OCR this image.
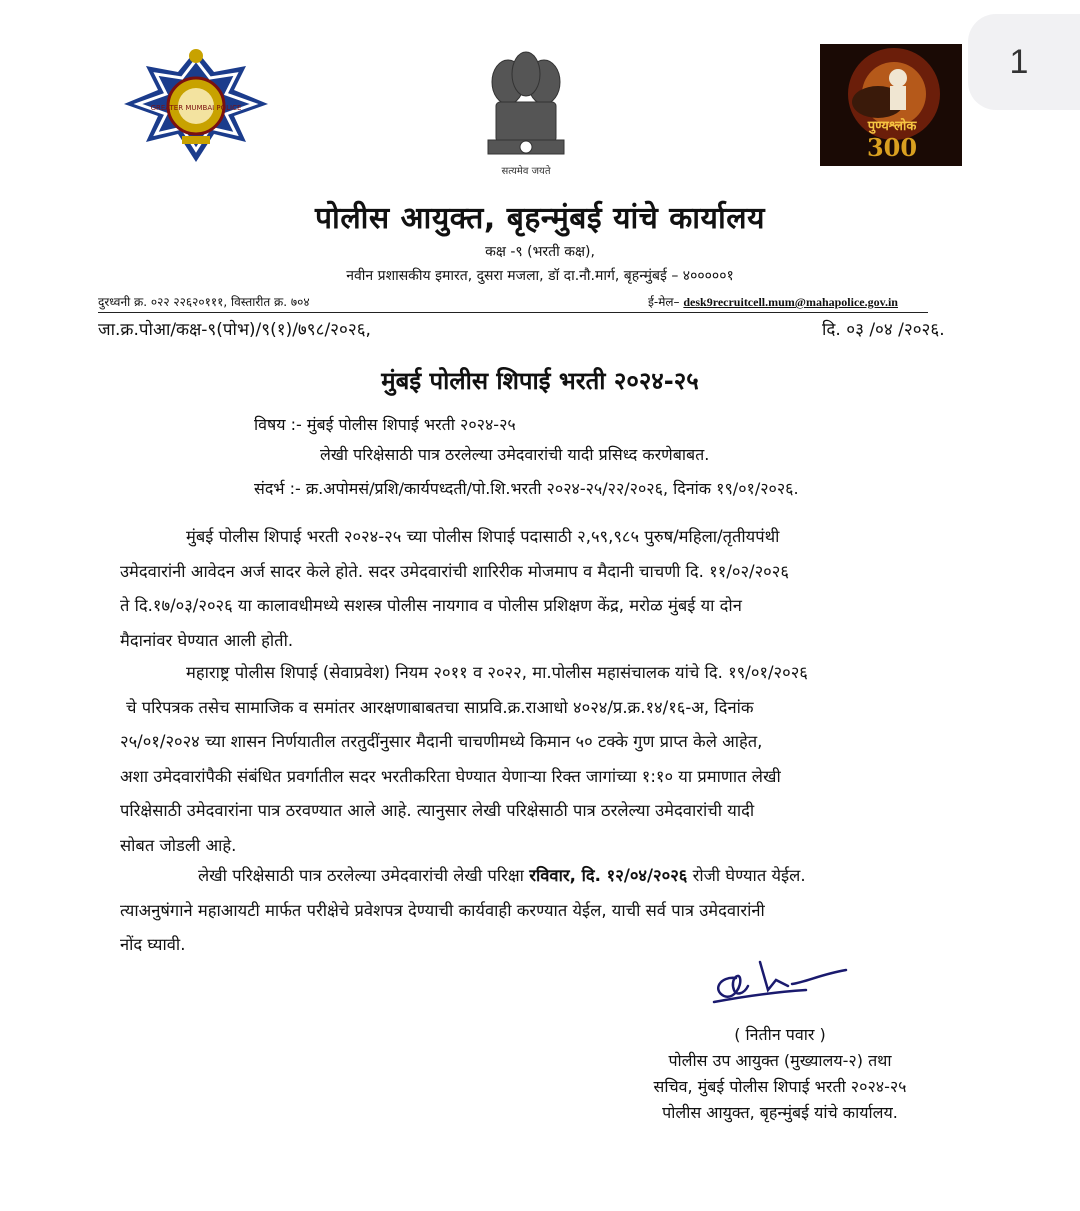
1
GREATER MUMBAI POLICE
सत्यमेव जयते
पुण्यश्लोक
300
पोलीस आयुक्त, बृहन्मुंबई यांचे कार्यालय
कक्ष -९ (भरती कक्ष),
नवीन प्रशासकीय इमारत, दुसरा मजला, डॉ दा.नौ.मार्ग, बृहन्मुंबई – ४०००००१
दुरध्वनी क्र. ०२२ २२६२०१११, विस्तारीत क्र. ७०४	ई-मेल– desk9recruitcell.mum@mahapolice.gov.in
जा.क्र.पोआ/कक्ष-९(पोभ)/९(१)/७९८/२०२६,	दि. ०३ /०४ /२०२६.
मुंबई पोलीस शिपाई भरती २०२४-२५
विषय :- मुंबई पोलीस शिपाई भरती २०२४-२५
लेखी परिक्षेसाठी पात्र ठरलेल्या उमेदवारांची यादी प्रसिध्द करणेबाबत.
संदर्भ :- क्र.अपोमसं/प्रशि/कार्यपध्दती/पो.शि.भरती २०२४-२५/२२/२०२६, दिनांक १९/०१/२०२६.
मुंबई पोलीस शिपाई भरती २०२४-२५ च्या पोलीस शिपाई पदासाठी २,५९,९८५ पुरुष/महिला/तृतीयपंथी
उमेदवारांनी आवेदन अर्ज सादर केले होते. सदर उमेदवारांची शारिरीक मोजमाप व मैदानी चाचणी दि. ११/०२/२०२६
ते दि.१७/०३/२०२६ या कालावधीमध्ये सशस्त्र पोलीस नायगाव व पोलीस प्रशिक्षण केंद्र, मरोळ मुंबई या दोन
मैदानांवर घेण्यात आली होती.
महाराष्ट्र पोलीस शिपाई (सेवाप्रवेश) नियम २०११ व २०२२, मा.पोलीस महासंचालक यांचे दि. १९/०१/२०२६
चे परिपत्रक तसेच सामाजिक व समांतर आरक्षणाबाबतचा साप्रवि.क्र.राआधो ४०२४/प्र.क्र.१४/१६-अ, दिनांक
२५/०१/२०२४ च्या शासन निर्णयातील तरतुदींनुसार मैदानी चाचणीमध्ये किमान ५० टक्के गुण प्राप्त केले आहेत,
अशा उमेदवारांपैकी संबंधित प्रवर्गातील सदर भरतीकरिता घेण्यात येणाऱ्या रिक्त जागांच्या १:१० या प्रमाणात लेखी
परिक्षेसाठी उमेदवारांना पात्र ठरवण्यात आले आहे. त्यानुसार लेखी परिक्षेसाठी पात्र ठरलेल्या उमेदवारांची यादी
सोबत जोडली आहे.
लेखी परिक्षेसाठी पात्र ठरलेल्या उमेदवारांची लेखी परिक्षा रविवार, दि. १२/०४/२०२६ रोजी घेण्यात येईल.
त्याअनुषंगाने महाआयटी मार्फत परीक्षेचे प्रवेशपत्र देण्याची कार्यवाही करण्यात येईल, याची सर्व पात्र उमेदवारांनी
नोंद घ्यावी.
( नितीन पवार )
पोलीस उप आयुक्त (मुख्यालय-२) तथा
सचिव, मुंबई पोलीस शिपाई भरती २०२४-२५
पोलीस आयुक्त, बृहन्मुंबई यांचे कार्यालय.
